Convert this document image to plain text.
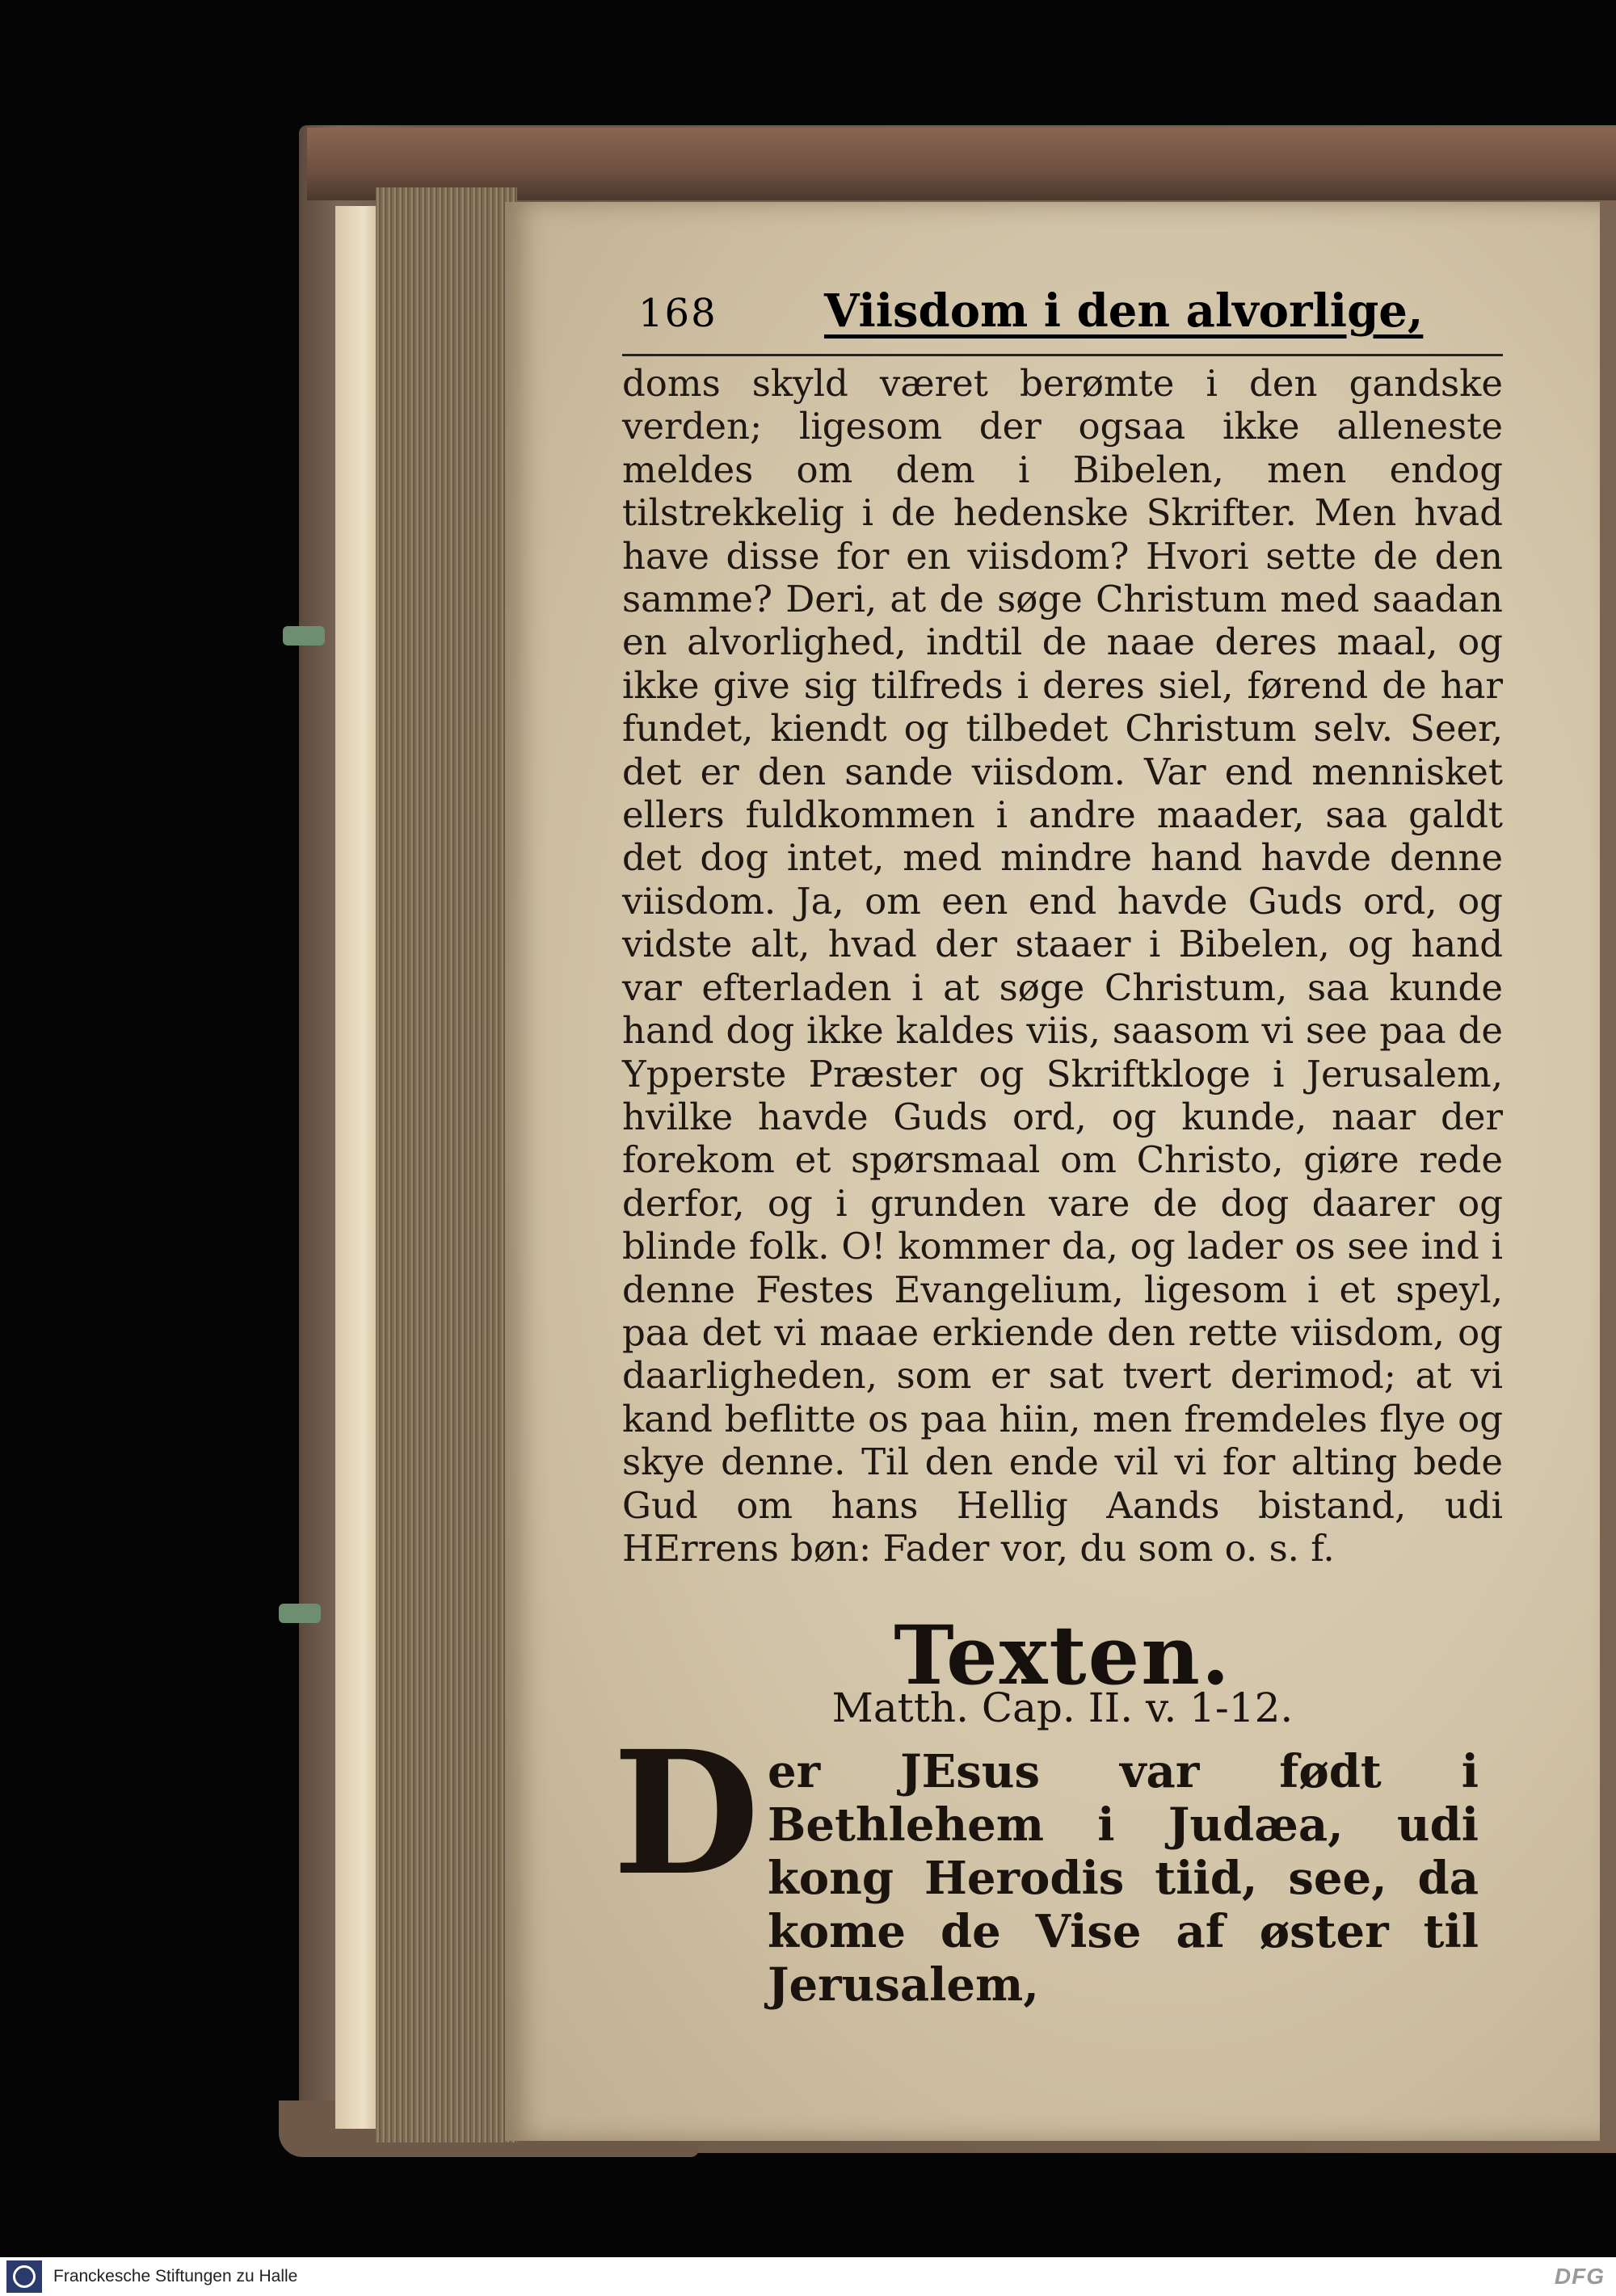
168 Viisdom i den alvorlige,

doms skyld været berømte i den gandske verden; ligesom der ogsaa ikke alleneste meldes om dem i Bibelen, men endog tilstrekkelig i de hedenske Skrifter. Men hvad have disse for en viisdom? Hvori sette de den samme? Deri, at de søge Christum med saadan en alvorlighed, indtil de naae deres maal, og ikke give sig tilfreds i deres siel, førend de har fundet, kiendt og tilbedet Christum selv. Seer, det er den sande viisdom. Var end mennisket ellers fuldkommen i andre maader, saa galdt det dog intet, med mindre hand havde denne viisdom. Ja, om een end havde Guds ord, og vidste alt, hvad der staaer i Bibelen, og hand var efterladen i at søge Christum, saa kunde hand dog ikke kaldes viis, saasom vi see paa de Ypperste Præster og Skriftkloge i Jerusalem, hvilke havde Guds ord, og kunde, naar der forekom et spørsmaal om Christo, giøre rede derfor, og i grunden vare de dog daarer og blinde folk. O! kommer da, og lader os see ind i denne Festes Evangelium, ligesom i et speyl, paa det vi maae erkiende den rette viisdom, og daarligheden, som er sat tvert derimod; at vi kand beflitte os paa hiin, men fremdeles flye og skye denne. Til den ende vil vi for alting bede Gud om hans Hellig Aands bistand, udi HErrens bøn: Fader vor, du som o. s. f.

Texten.
Matth. Cap. II. v. 1-12.
D er JEsus var født i Bethlehem i Judæa, udi kong Herodis tiid, see, da kome de Vise af øster til Jerusalem,

Franckesche Stiftungen zu Halle	DFG
